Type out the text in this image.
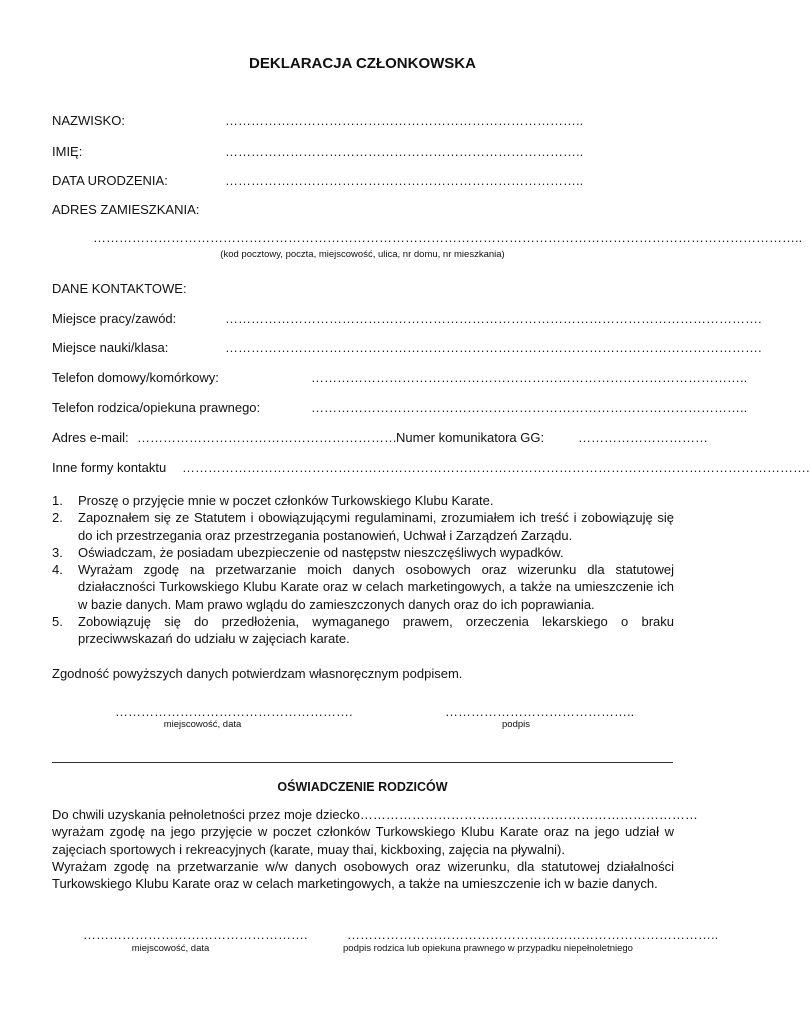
DEKLARACJA CZŁONKOWSKA
NAZWISKO:	………………………………………………………………………..
IMIĘ:	………………………………………………………………………..
DATA URODZENIA:	………………………………………………………………………..
ADRES ZAMIESZKANIA:
………………………………………………………………………………………………………………………………………………..
(kod pocztowy, poczta, miejscowość, ulica, nr domu, nr mieszkania)
DANE KONTAKTOWE:
Miejsce pracy/zawód:	…………………………………………………………………………………………………………….
Miejsce nauki/klasa:	…………………………………………………………………………………………………………….
Telefon domowy/komórkowy:	………………………………………………………………………………………..
Telefon rodzica/opiekuna prawnego:	………………………………………………………………………………………..
Adres e-mail: …………………………………………………… Numer komunikatora GG:	…………………………
Inne formy kontaktu ……………………………………………………………………………………………………………………………….
1. Proszę o przyjęcie mnie w poczet członków Turkowskiego Klubu Karate.
2. Zapoznałem się ze Statutem i obowiązującymi regulaminami, zrozumiałem ich treść i zobowiązuję się do ich przestrzegania oraz przestrzegania postanowień, Uchwał i Zarządzeń Zarządu.
3. Oświadczam, że posiadam ubezpieczenie od następstw nieszczęśliwych wypadków.
4. Wyrażam zgodę na przetwarzanie moich danych osobowych oraz wizerunku dla statutowej działaczności Turkowskiego Klubu Karate oraz w celach marketingowych, a także na umieszczenie ich w bazie danych. Mam prawo wglądu do zamieszczonych danych oraz do ich poprawiania.
5. Zobowiązuję się do przedłożenia, wymaganego prawem, orzeczenia lekarskiego o braku przeciwwskazań do udziału w zajęciach karate.
Zgodność powyższych danych potwierdzam własnoręcznym podpisem.
……………………………………………….
miejscowość, data
……………………………………..
podpis
OŚWIADCZENIE RODZICÓW
Do chwili uzyskania pełnoletności przez moje dziecko ……………………………………………………………………
wyrażam zgodę na jego przyjęcie w poczet członków Turkowskiego Klubu Karate oraz na jego udział w zajęciach sportowych i rekreacyjnych (karate, muay thai, kickboxing, zajęcia na pływalni).
Wyrażam zgodę na przetwarzanie w/w danych osobowych oraz wizerunku, dla statutowej działalności Turkowskiego Klubu Karate oraz w celach marketingowych, a także na umieszczenie ich w bazie danych.
…………………………………………….
miejscowość, data
…………………………………………………………………………..
podpis rodzica lub opiekuna prawnego w przypadku niepełnoletniego
